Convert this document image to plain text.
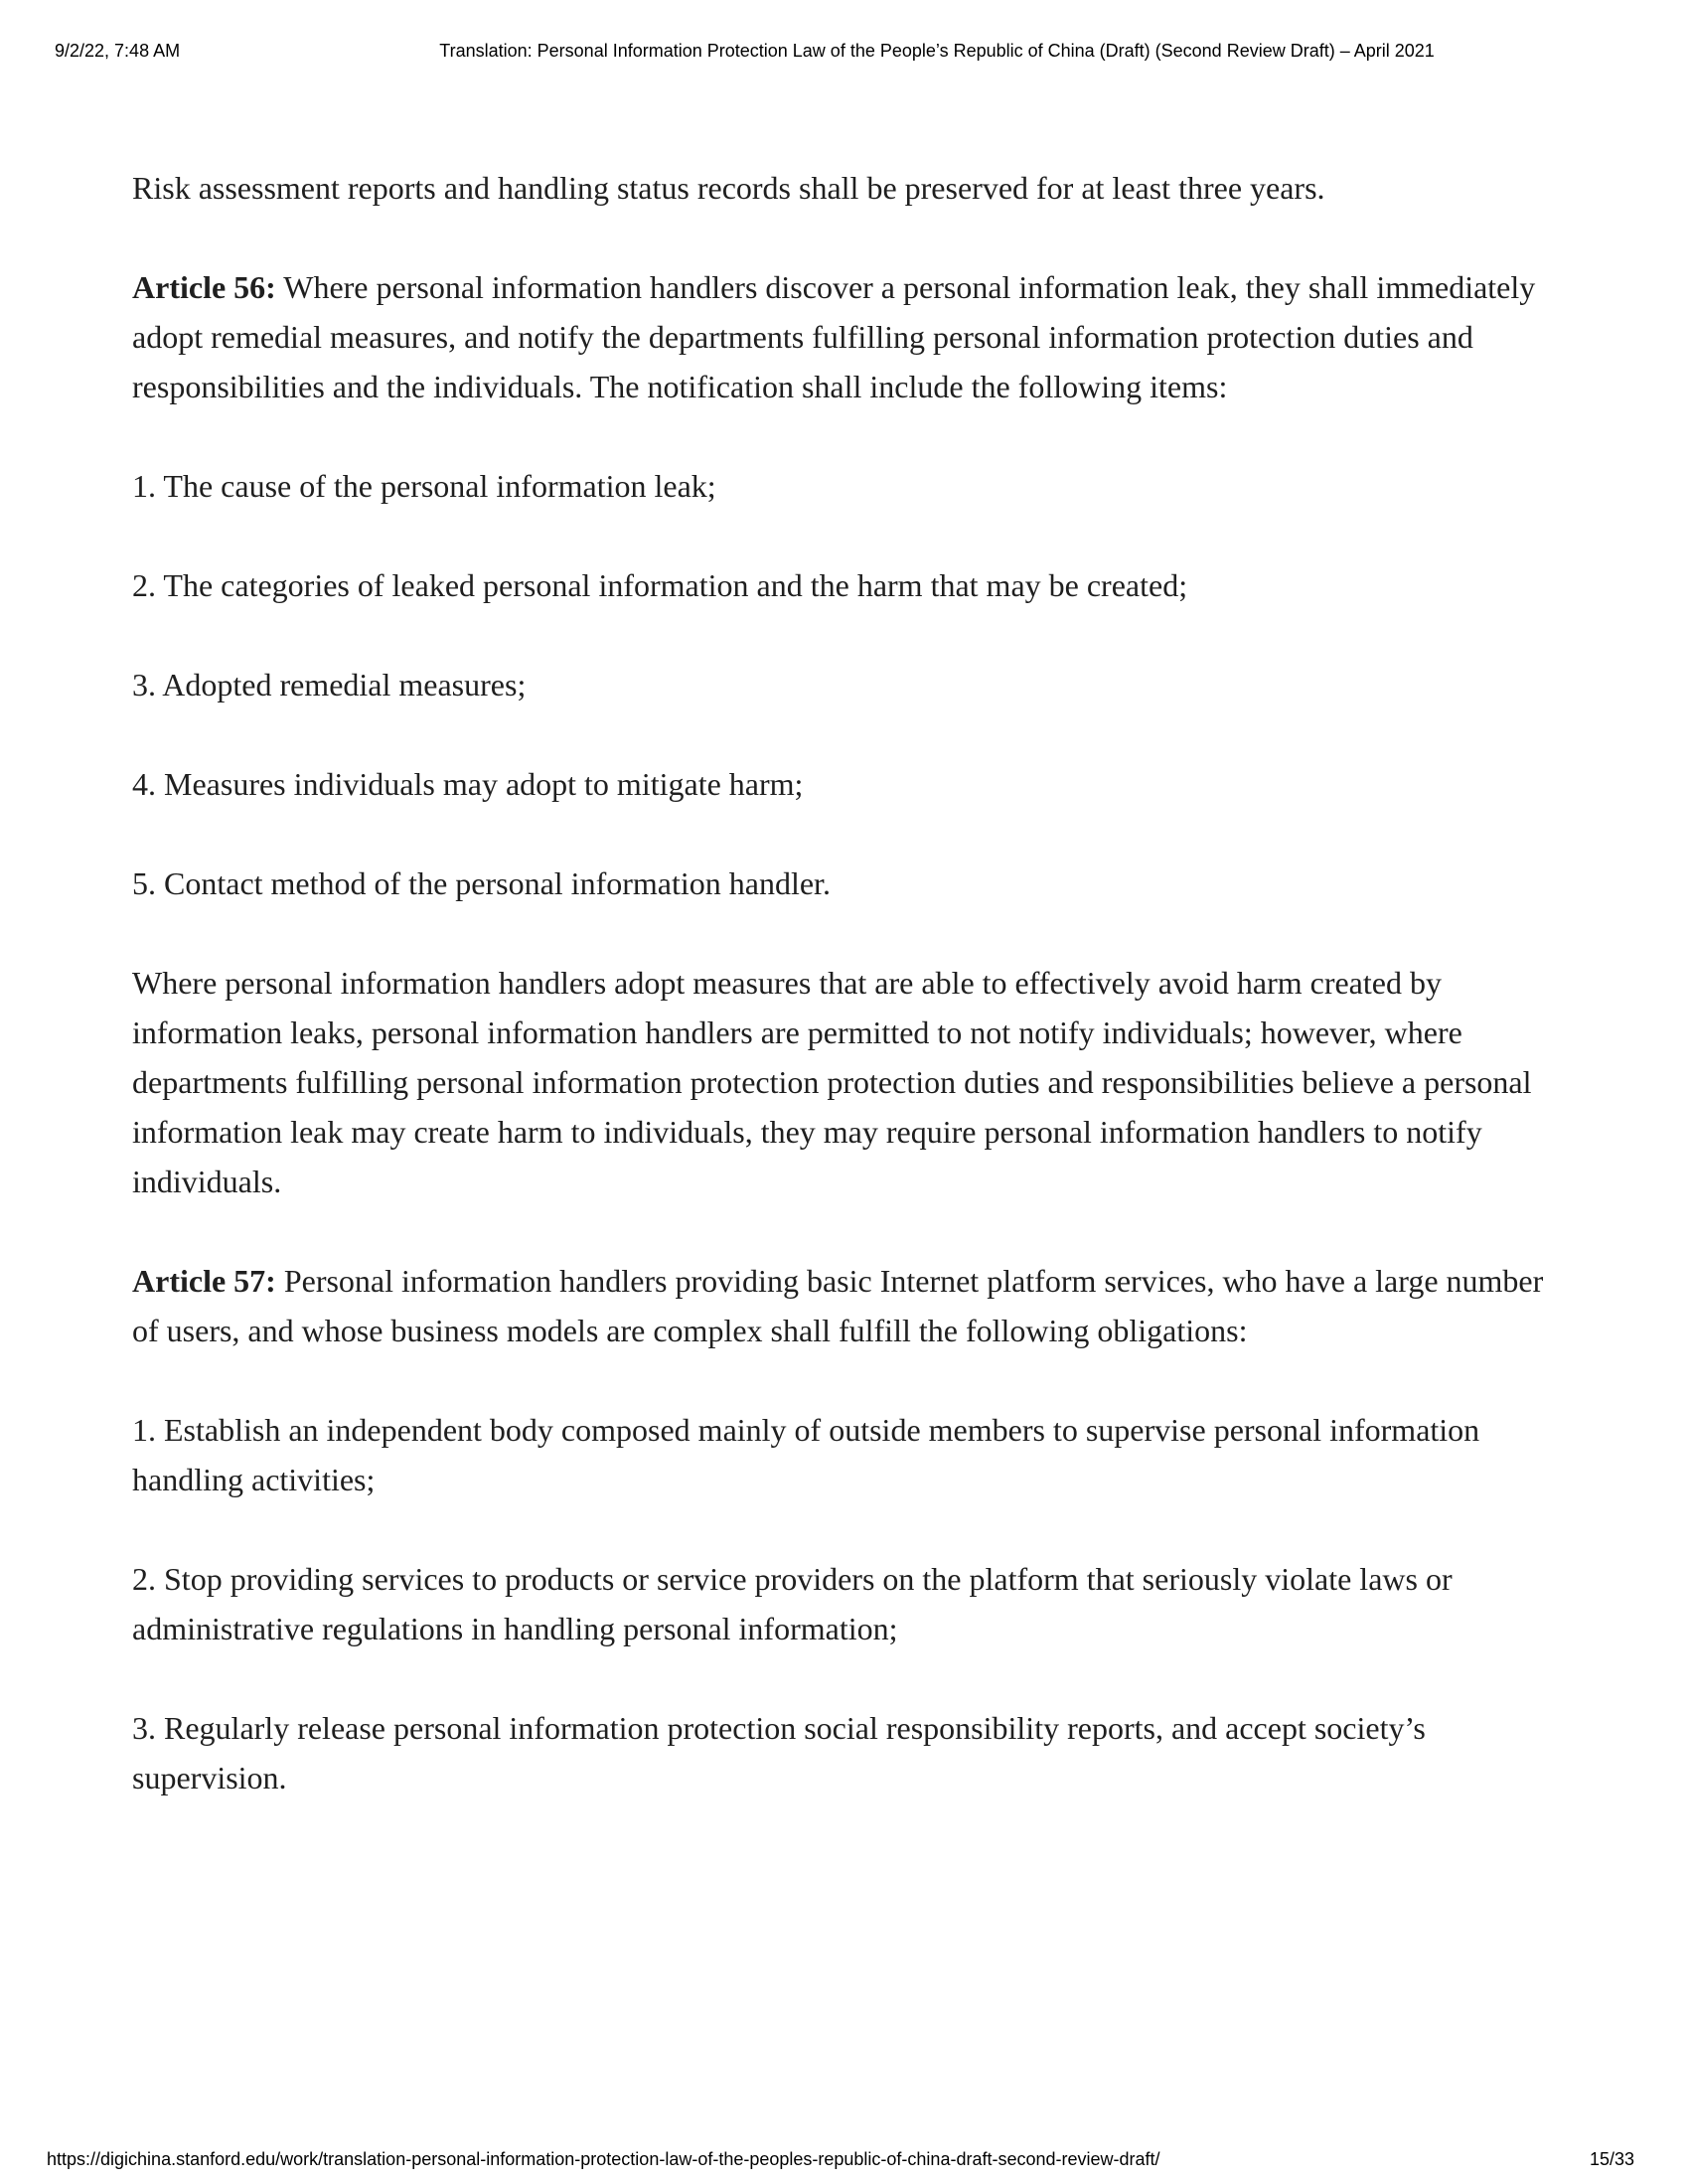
9/2/22, 7:48 AM	Translation: Personal Information Protection Law of the People’s Republic of China (Draft) (Second Review Draft) – April 2021

Risk assessment reports and handling status records shall be preserved for at least three years.

Article 56: Where personal information handlers discover a personal information leak, they shall immediately adopt remedial measures, and notify the departments fulfilling personal information protection duties and responsibilities and the individuals. The notification shall include the following items:

1. The cause of the personal information leak;

2. The categories of leaked personal information and the harm that may be created;

3. Adopted remedial measures;

4. Measures individuals may adopt to mitigate harm;

5. Contact method of the personal information handler.

Where personal information handlers adopt measures that are able to effectively avoid harm created by information leaks, personal information handlers are permitted to not notify individuals; however, where departments fulfilling personal information protection protection duties and responsibilities believe a personal information leak may create harm to individuals, they may require personal information handlers to notify individuals.

Article 57: Personal information handlers providing basic Internet platform services, who have a large number of users, and whose business models are complex shall fulfill the following obligations:

1. Establish an independent body composed mainly of outside members to supervise personal information handling activities;

2. Stop providing services to products or service providers on the platform that seriously violate laws or administrative regulations in handling personal information;

3. Regularly release personal information protection social responsibility reports, and accept society’s supervision.

https://digichina.stanford.edu/work/translation-personal-information-protection-law-of-the-peoples-republic-of-china-draft-second-review-draft/	15/33
